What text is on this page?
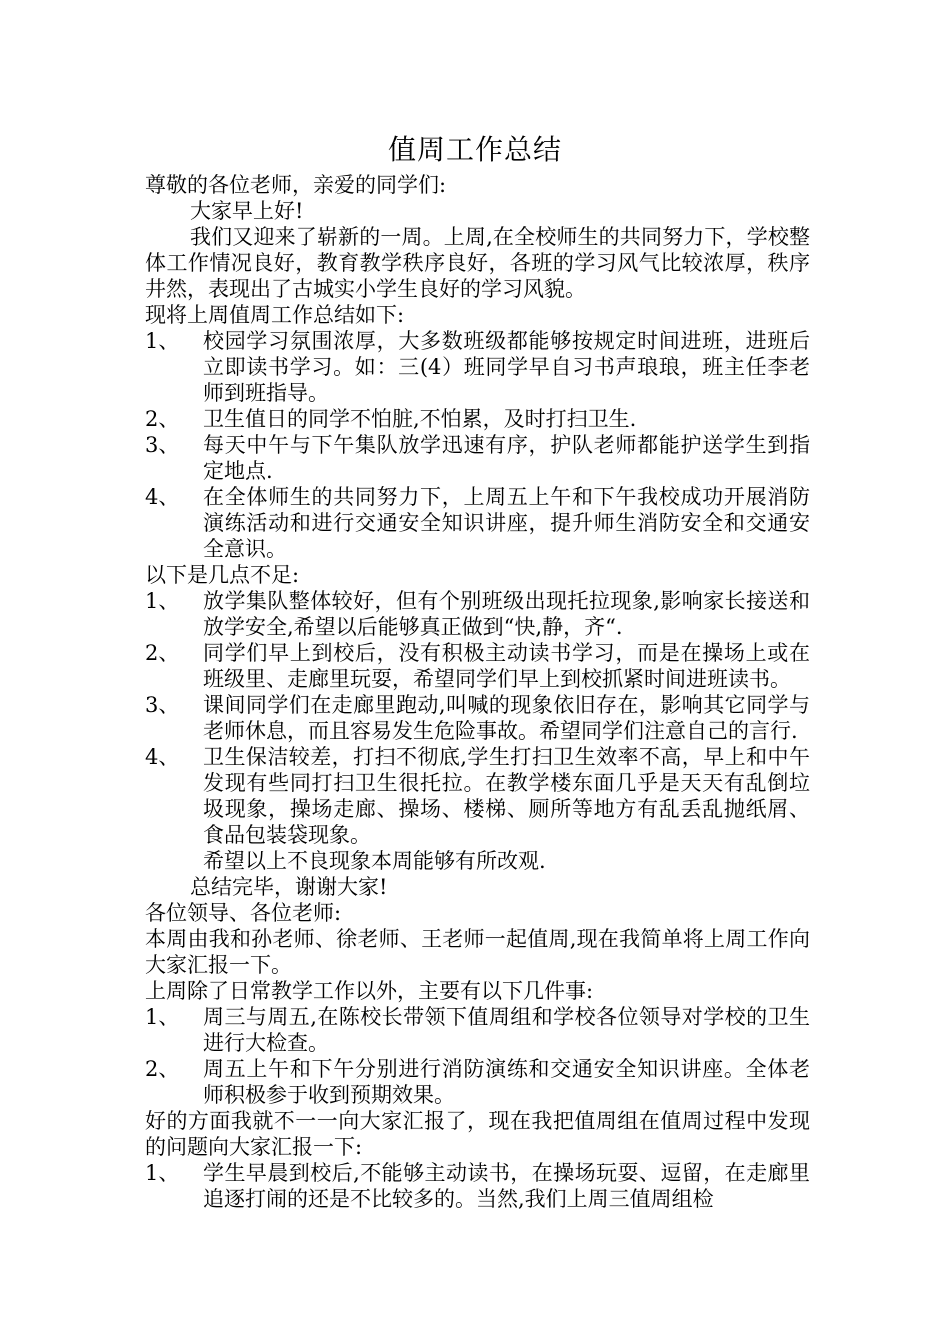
值周工作总结

尊敬的各位老师，亲爱的同学们:

大家早上好!

我们又迎来了崭新的一周。上周,在全校师生的共同努力下，学校整体工作情况良好，教育教学秩序良好，各班的学习风气比较浓厚，秩序井然，表现出了古城实小学生良好的学习风貌。

现将上周值周工作总结如下:

1、	校园学习氛围浓厚，大多数班级都能够按规定时间进班，进班后立即读书学习。如：三(4）班同学早自习书声琅琅，班主任李老师到班指导。
2、	卫生值日的同学不怕脏,不怕累，及时打扫卫生.
3、	每天中午与下午集队放学迅速有序，护队老师都能护送学生到指定地点.
4、	在全体师生的共同努力下，上周五上午和下午我校成功开展消防演练活动和进行交通安全知识讲座，提升师生消防安全和交通安全意识。

以下是几点不足:

1、	放学集队整体较好，但有个别班级出现托拉现象,影响家长接送和放学安全,希望以后能够真正做到“快,静，齐“.
2、	同学们早上到校后，没有积极主动读书学习，而是在操场上或在班级里、走廊里玩耍，希望同学们早上到校抓紧时间进班读书。
3、	课间同学们在走廊里跑动,叫喊的现象依旧存在，影响其它同学与老师休息，而且容易发生危险事故。希望同学们注意自己的言行.
4、	卫生保洁较差，打扫不彻底,学生打扫卫生效率不高，早上和中午发现有些同打扫卫生很托拉。在教学楼东面几乎是天天有乱倒垃圾现象，操场走廊、操场、楼梯、厕所等地方有乱丢乱抛纸屑、食品包装袋现象。

希望以上不良现象本周能够有所改观.

总结完毕，谢谢大家!

各位领导、各位老师:

本周由我和孙老师、徐老师、王老师一起值周,现在我简单将上周工作向大家汇报一下。

上周除了日常教学工作以外，主要有以下几件事:

1、	周三与周五,在陈校长带领下值周组和学校各位领导对学校的卫生进行大检查。
2、	周五上午和下午分别进行消防演练和交通安全知识讲座。全体老师积极参于收到预期效果。

好的方面我就不一一向大家汇报了，现在我把值周组在值周过程中发现的问题向大家汇报一下:

1、	学生早晨到校后,不能够主动读书，在操场玩耍、逗留，在走廊里追逐打闹的还是不比较多的。当然,我们上周三值周组检
